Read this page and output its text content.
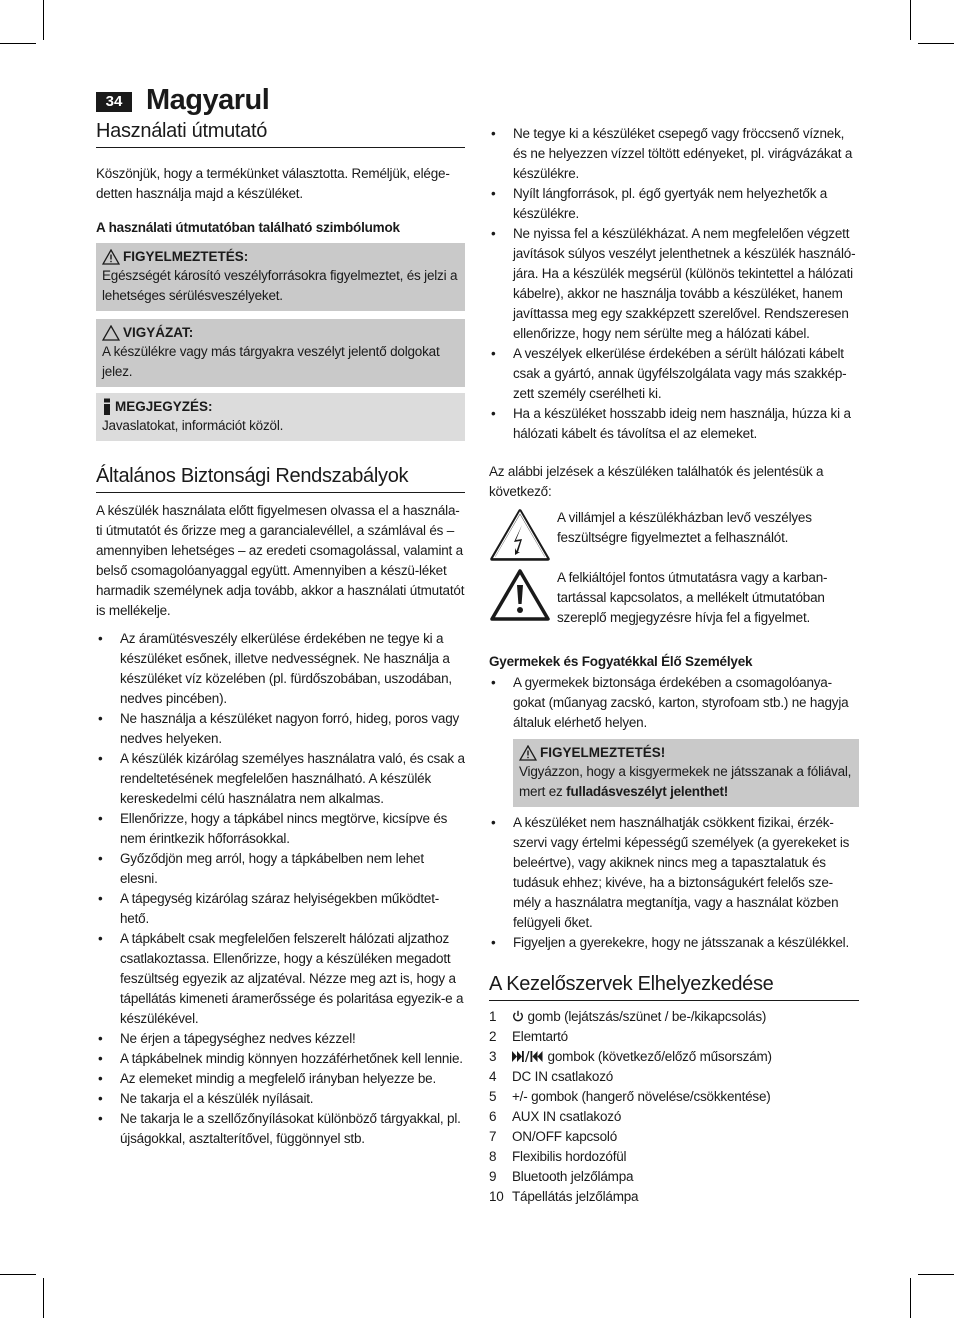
34 Magyarul
Használati útmutató

Köszönjük, hogy a termékünket választotta. Reméljük, elége-detten használja majd a készüléket.

A használati útmutatóban található szimbólumok
FIGYELMEZTETÉS:
Egészségét károsító veszélyforrásokra figyelmeztet, és jelzi a lehetséges sérülésveszélyeket.
VIGYÁZAT:
A készülékre vagy más tárgyakra veszélyt jelentő dolgokat jelez.
MEGJEGYZÉS:
Javaslatokat, információt közöl.
Általános Biztonsági Rendszabályok

A készülék használata előtt figyelmesen olvassa el a használa-ti útmutatót és őrizze meg a garancialevéllel, a számlával és – amennyiben lehetséges – az eredeti csomagolással, valamint a belső csomagolóanyaggal együtt. Amennyiben a készü-léket harmadik személynek adja tovább, akkor a használati útmutatót is mellékelje.

• Az áramütésveszély elkerülése érdekében ne tegye ki a készüléket esőnek, illetve nedvességnek. Ne használja a készüléket víz közelében (pl. fürdőszobában, uszodában, nedves pincében).
• Ne használja a készüléket nagyon forró, hideg, poros vagy nedves helyeken.
• A készülék kizárólag személyes használatra való, és csak a rendeltetésének megfelelően használható. A készülék kereskedelmi célú használatra nem alkalmas.
• Ellenőrizze, hogy a tápkábel nincs megtörve, kicsípve és nem érintkezik hőforrásokkal.
• Győződjön meg arról, hogy a tápkábelben nem lehet elesni.
• A tápegység kizárólag száraz helyiségekben működtet-hető.
• A tápkábelt csak megfelelően felszerelt hálózati aljzathoz csatlakoztassa. Ellenőrizze, hogy a készüléken megadott feszültség egyezik az aljzatéval. Nézze meg azt is, hogy a tápellátás kimeneti áramerőssége és polaritása egyezik-e a készülékével.
• Ne érjen a tápegységhez nedves kézzel!
• A tápkábelnek mindig könnyen hozzáférhetőnek kell lennie.
• Az elemeket mindig a megfelelő irányban helyezze be.
• Ne takarja el a készülék nyílásait.
• Ne takarja le a szellőzőnyílásokat különböző tárgyakkal, pl. újságokkal, asztalterítővel, függönnyel stb.
• Ne tegye ki a készüléket csepegő vagy fröccsenő víznek, és ne helyezzen vízzel töltött edényeket, pl. virágvázákat a készülékre.
• Nyílt lángforrások, pl. égő gyertyák nem helyezhetők a készülékre.
• Ne nyissa fel a készülékházat. A nem megfelelően végzett javítások súlyos veszélyt jelenthetnek a készülék használó-jára. Ha a készülék megsérül (különös tekintettel a hálózati kábelre), akkor ne használja tovább a készüléket, hanem javíttassa meg egy szakképzett szerelővel. Rendszeresen ellenőrizze, hogy nem sérülte meg a hálózati kábel.
• A veszélyek elkerülése érdekében a sérült hálózati kábelt csak a gyártó, annak ügyfélszolgálata vagy más szakkép-zett személy cserélheti ki.
• Ha a készüléket hosszabb ideig nem használja, húzza ki a hálózati kábelt és távolítsa el az elemeket.

Az alábbi jelzések a készüléken találhatók és jelentésük a következő:

A villámjel a készülékházban levő veszélyes feszültségre figyelmeztet a felhasználót.

A felkiáltójel fontos útmutatásra vagy a karban-tartással kapcsolatos, a mellékelt útmutatóban szereplő megjegyzésre hívja fel a figyelmet.

Gyermekek és Fogyatékkal Élő Személyek
• A gyermekek biztonsága érdekében a csomagolóanya-gokat (műanyag zacskó, karton, styrofoam stb.) ne hagyja általuk elérhető helyen.
FIGYELMEZTETÉS!
Vigyázzon, hogy a kisgyermekek ne játsszanak a fóliával, mert ez fulladásveszélyt jelenthet!
• A készüléket nem használhatják csökkent fizikai, érzék-szervi vagy értelmi képességű személyek (a gyerekeket is beleértve), vagy akiknek nincs meg a tapasztalatuk és tudásuk ehhez; kivéve, ha a biztonságukért felelős sze-mély a használatra megtanítja, vagy a használat közben felügyeli őket.
• Figyeljen a gyerekekre, hogy ne játsszanak a készülékkel.
A Kezelőszervek Elhelyezkedése
1	gomb (lejátszás/szünet / be-/kikapcsolás)
2	Elemtartó
3	gombok (következő/előző műsorszám)
4	DC IN csatlakozó
5	+/- gombok (hangerő növelése/csökkentése)
6	AUX IN csatlakozó
7	ON/OFF kapcsoló
8	Flexibilis hordozófül
9	Bluetooth jelzőlámpa
10 Tápellátás jelzőlámpa
